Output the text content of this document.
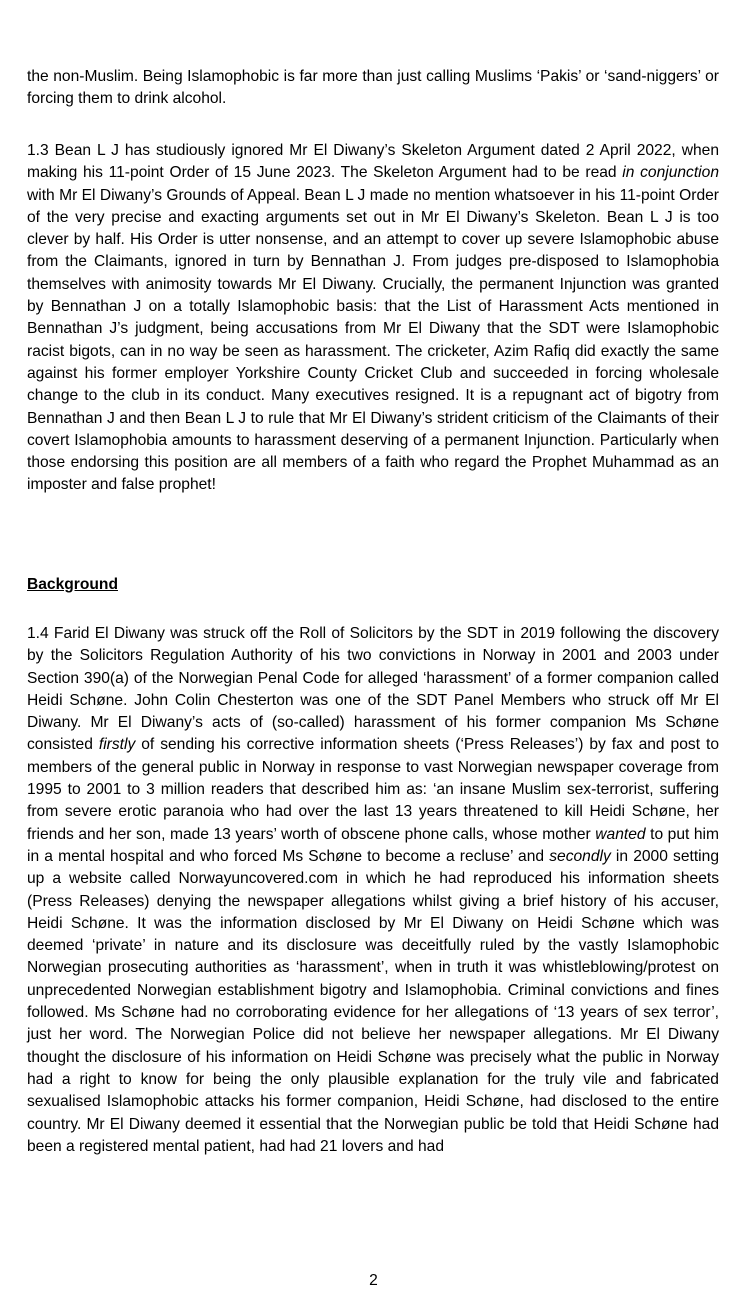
the non-Muslim. Being Islamophobic is far more than just calling Muslims ‘Pakis’ or ‘sand-niggers’ or forcing them to drink alcohol.

1.3 Bean L J has studiously ignored Mr El Diwany’s Skeleton Argument dated 2 April 2022, when making his 11-point Order of 15 June 2023. The Skeleton Argument had to be read in conjunction with Mr El Diwany’s Grounds of Appeal. Bean L J made no mention whatsoever in his 11-point Order of the very precise and exacting arguments set out in Mr El Diwany’s Skeleton. Bean L J is too clever by half. His Order is utter nonsense, and an attempt to cover up severe Islamophobic abuse from the Claimants, ignored in turn by Bennathan J. From judges pre-disposed to Islamophobia themselves with animosity towards Mr El Diwany. Crucially, the permanent Injunction was granted by Bennathan J on a totally Islamophobic basis: that the List of Harassment Acts mentioned in Bennathan J’s judgment, being accusations from Mr El Diwany that the SDT were Islamophobic racist bigots, can in no way be seen as harassment. The cricketer, Azim Rafiq did exactly the same against his former employer Yorkshire County Cricket Club and succeeded in forcing wholesale change to the club in its conduct. Many executives resigned. It is a repugnant act of bigotry from Bennathan J and then Bean L J to rule that Mr El Diwany’s strident criticism of the Claimants of their covert Islamophobia amounts to harassment deserving of a permanent Injunction. Particularly when those endorsing this position are all members of a faith who regard the Prophet Muhammad as an imposter and false prophet!

Background

1.4 Farid El Diwany was struck off the Roll of Solicitors by the SDT in 2019 following the discovery by the Solicitors Regulation Authority of his two convictions in Norway in 2001 and 2003 under Section 390(a) of the Norwegian Penal Code for alleged ‘harassment’ of a former companion called Heidi Schøne. John Colin Chesterton was one of the SDT Panel Members who struck off Mr El Diwany. Mr El Diwany’s acts of (so-called) harassment of his former companion Ms Schøne consisted firstly of sending his corrective information sheets (‘Press Releases’) by fax and post to members of the general public in Norway in response to vast Norwegian newspaper coverage from 1995 to 2001 to 3 million readers that described him as: ‘an insane Muslim sex-terrorist, suffering from severe erotic paranoia who had over the last 13 years threatened to kill Heidi Schøne, her friends and her son, made 13 years’ worth of obscene phone calls, whose mother wanted to put him in a mental hospital and who forced Ms Schøne to become a recluse’ and secondly in 2000 setting up a website called Norwayuncovered.com in which he had reproduced his information sheets (Press Releases) denying the newspaper allegations whilst giving a brief history of his accuser, Heidi Schøne. It was the information disclosed by Mr El Diwany on Heidi Schøne which was deemed ‘private’ in nature and its disclosure was deceitfully ruled by the vastly Islamophobic Norwegian prosecuting authorities as ‘harassment’, when in truth it was whistleblowing/protest on unprecedented Norwegian establishment bigotry and Islamophobia. Criminal convictions and fines followed. Ms Schøne had no corroborating evidence for her allegations of ‘13 years of sex terror’, just her word. The Norwegian Police did not believe her newspaper allegations. Mr El Diwany thought the disclosure of his information on Heidi Schøne was precisely what the public in Norway had a right to know for being the only plausible explanation for the truly vile and fabricated sexualised Islamophobic attacks his former companion, Heidi Schøne, had disclosed to the entire country. Mr El Diwany deemed it essential that the Norwegian public be told that Heidi Schøne had been a registered mental patient, had had 21 lovers and had

2
